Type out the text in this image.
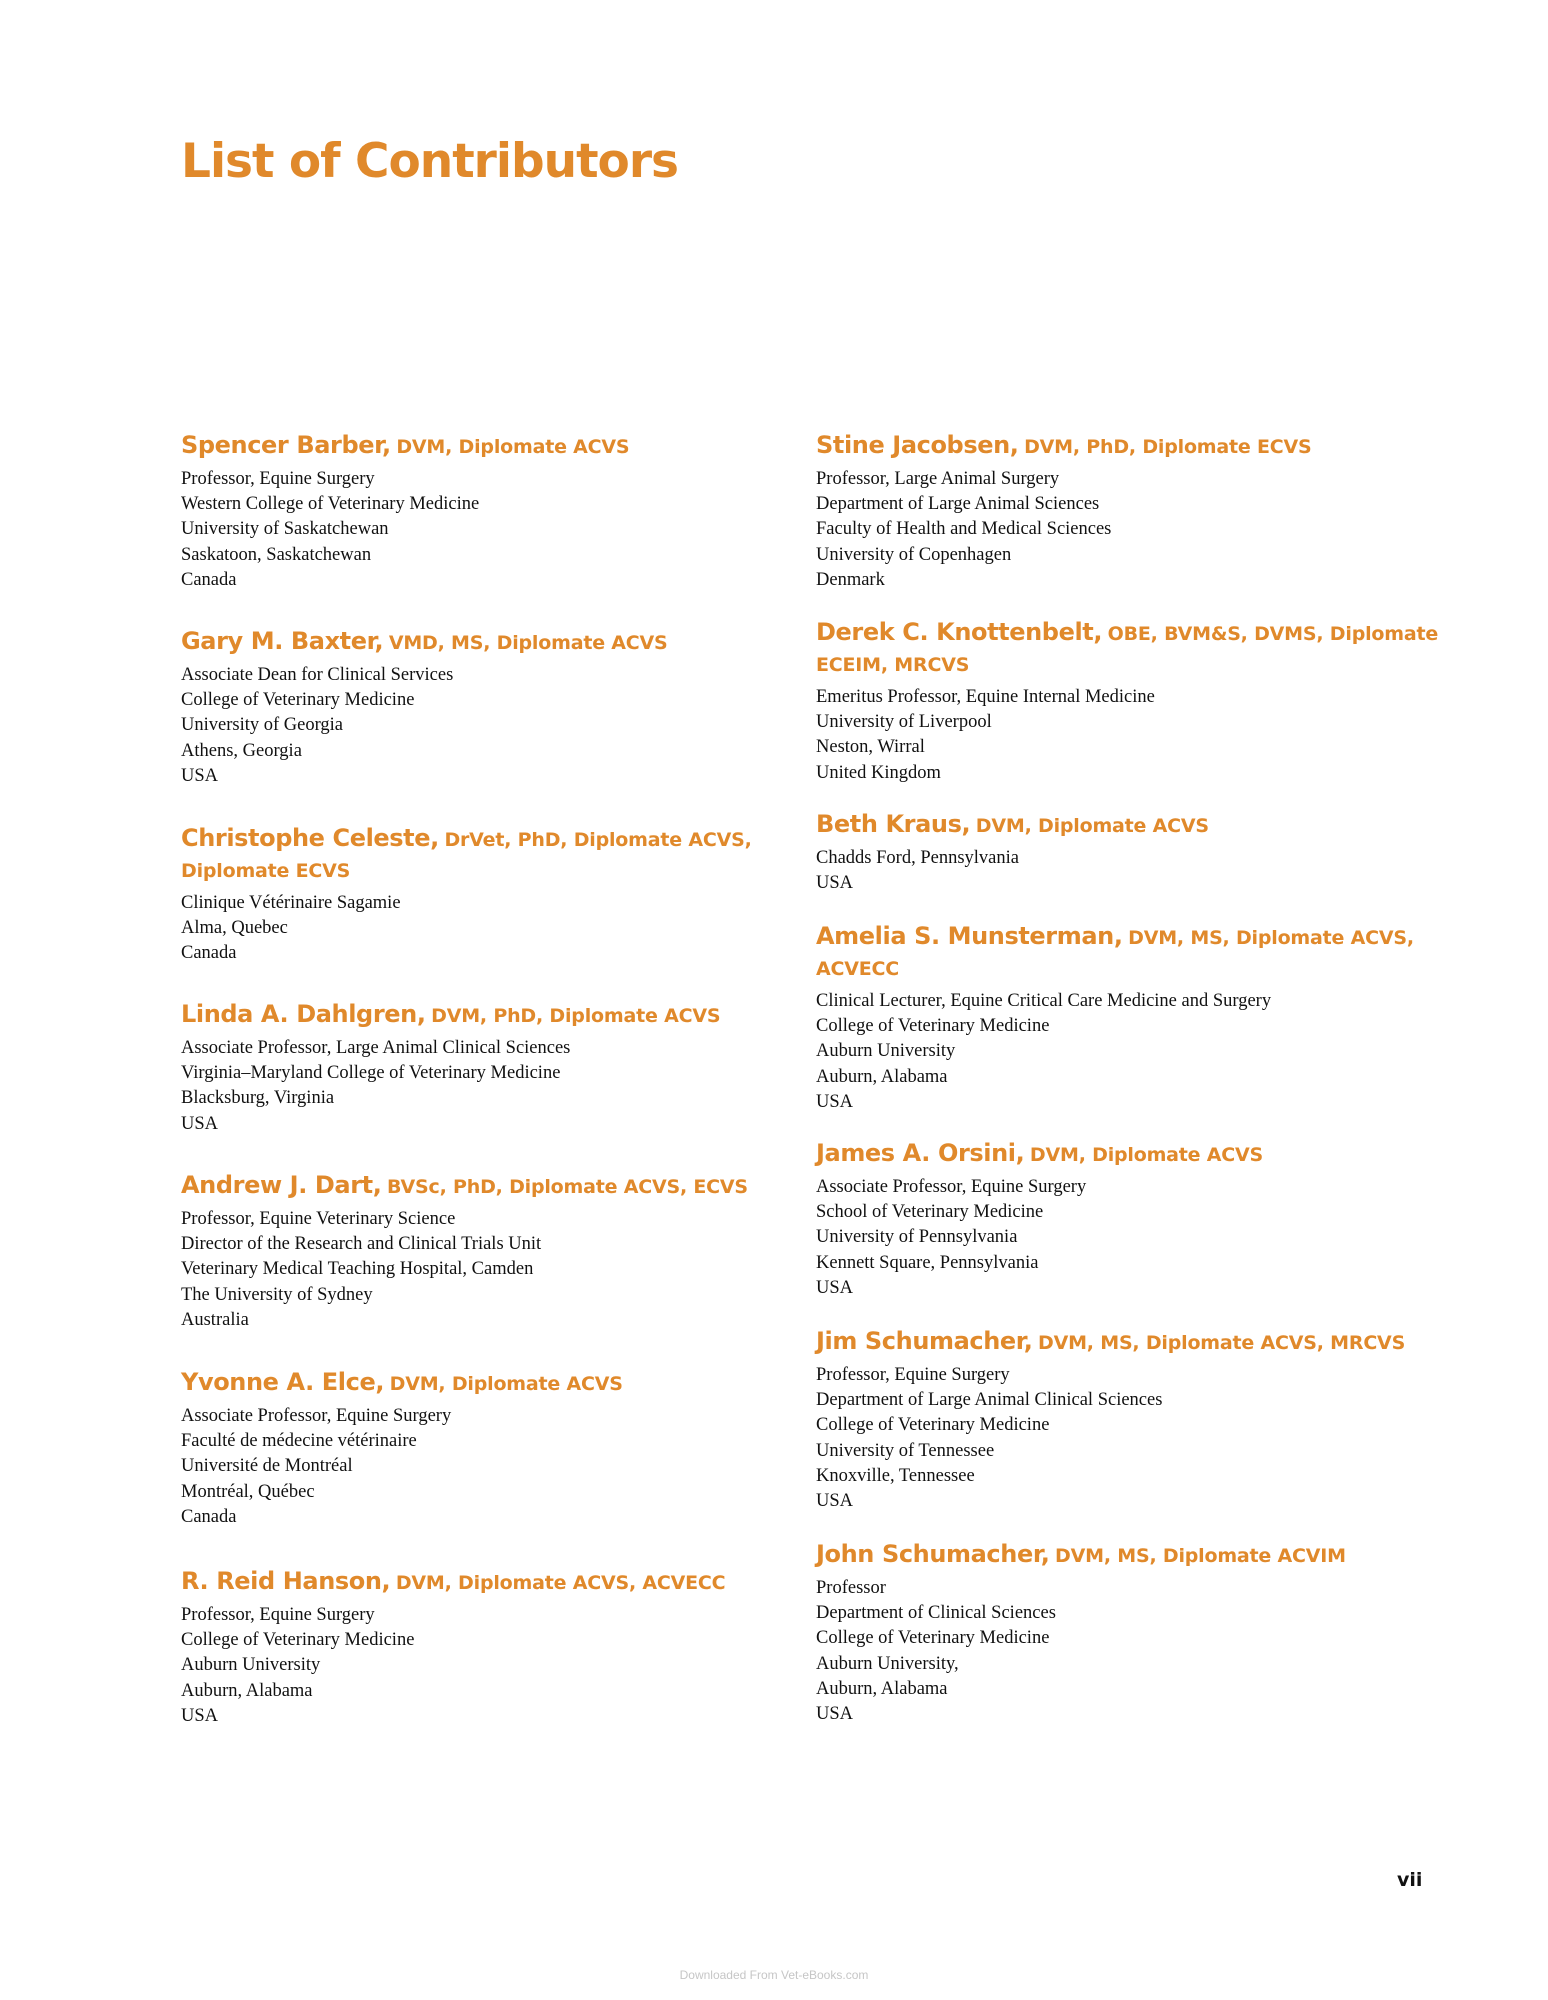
List of Contributors

Spencer Barber, DVM, Diplomate ACVS

Professor, Equine Surgery
Western College of Veterinary Medicine
University of Saskatchewan
Saskatoon, Saskatchewan
Canada

Gary M. Baxter, VMD, MS, Diplomate ACVS

Associate Dean for Clinical Services
College of Veterinary Medicine
University of Georgia
Athens, Georgia
USA

Christophe Celeste, DrVet, PhD, Diplomate ACVS, Diplomate ECVS

Clinique Vétérinaire Sagamie
Alma, Quebec
Canada

Linda A. Dahlgren, DVM, PhD, Diplomate ACVS

Associate Professor, Large Animal Clinical Sciences
Virginia–Maryland College of Veterinary Medicine
Blacksburg, Virginia
USA

Andrew J. Dart, BVSc, PhD, Diplomate ACVS, ECVS

Professor, Equine Veterinary Science
Director of the Research and Clinical Trials Unit
Veterinary Medical Teaching Hospital, Camden
The University of Sydney
Australia

Yvonne A. Elce, DVM, Diplomate ACVS

Associate Professor, Equine Surgery
Faculté de médecine vétérinaire
Université de Montréal
Montréal, Québec
Canada

R. Reid Hanson, DVM, Diplomate ACVS, ACVECC

Professor, Equine Surgery
College of Veterinary Medicine
Auburn University
Auburn, Alabama
USA

Stine Jacobsen, DVM, PhD, Diplomate ECVS

Professor, Large Animal Surgery
Department of Large Animal Sciences
Faculty of Health and Medical Sciences
University of Copenhagen
Denmark

Derek C. Knottenbelt, OBE, BVM&S, DVMS, Diplomate ECEIM, MRCVS

Emeritus Professor, Equine Internal Medicine
University of Liverpool
Neston, Wirral
United Kingdom

Beth Kraus, DVM, Diplomate ACVS

Chadds Ford, Pennsylvania
USA

Amelia S. Munsterman, DVM, MS, Diplomate ACVS, ACVECC

Clinical Lecturer, Equine Critical Care Medicine and Surgery
College of Veterinary Medicine
Auburn University
Auburn, Alabama
USA

James A. Orsini, DVM, Diplomate ACVS

Associate Professor, Equine Surgery
School of Veterinary Medicine
University of Pennsylvania
Kennett Square, Pennsylvania
USA

Jim Schumacher, DVM, MS, Diplomate ACVS, MRCVS

Professor, Equine Surgery
Department of Large Animal Clinical Sciences
College of Veterinary Medicine
University of Tennessee
Knoxville, Tennessee
USA

John Schumacher, DVM, MS, Diplomate ACVIM

Professor
Department of Clinical Sciences
College of Veterinary Medicine
Auburn University,
Auburn, Alabama
USA
vii
Downloaded From Vet-eBooks.com
